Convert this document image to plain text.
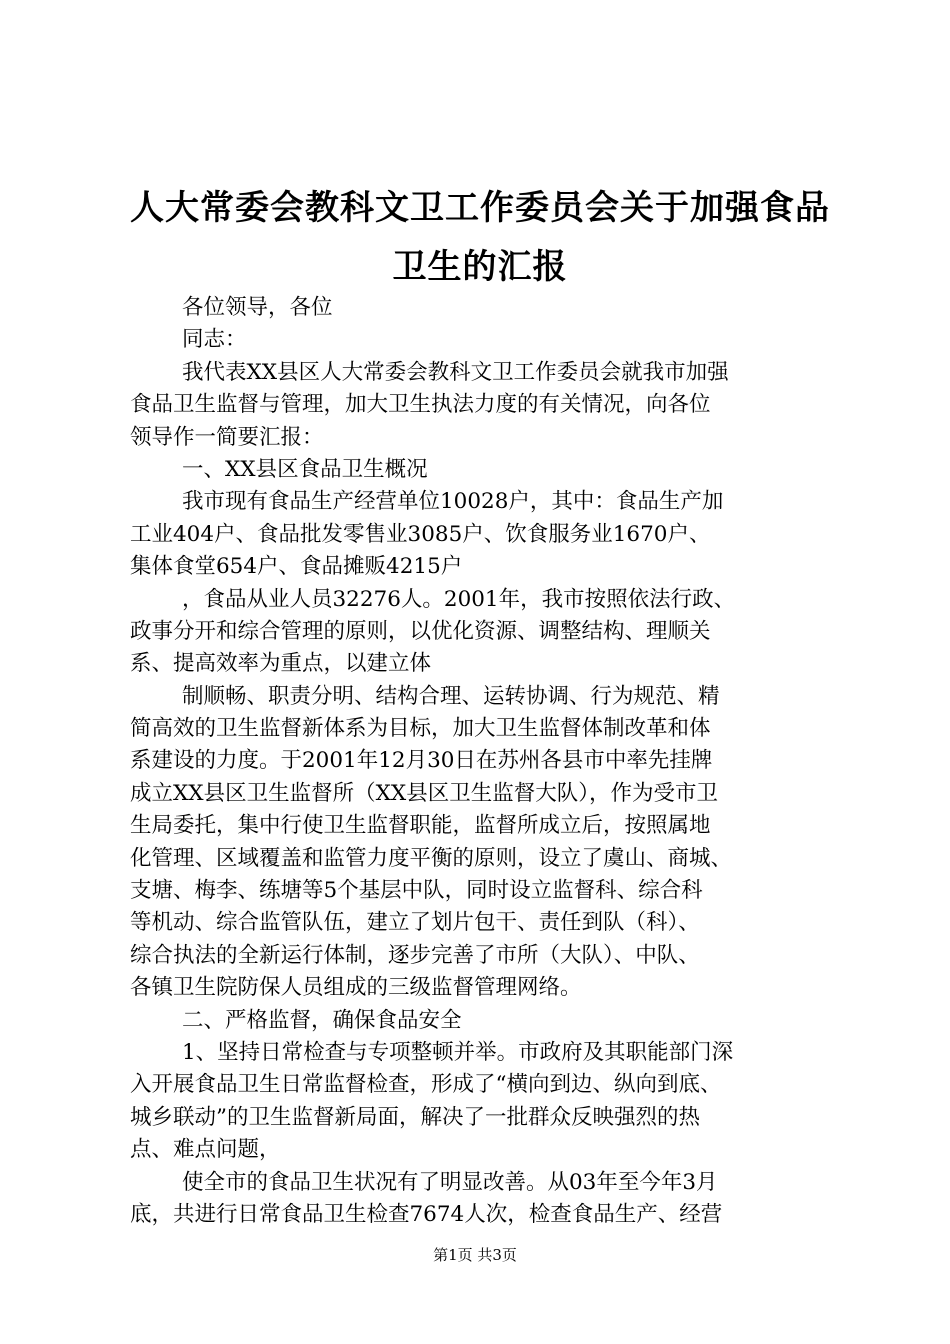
人大常委会教科文卫工作委员会关于加强食品
卫生的汇报
各位领导，各位
同志：
我代表XX县区人大常委会教科文卫工作委员会就我市加强
食品卫生监督与管理，加大卫生执法力度的有关情况，向各位
领导作一简要汇报：
一、XX县区食品卫生概况
我市现有食品生产经营单位10028户，其中：食品生产加
工业404户、食品批发零售业3085户、饮食服务业1670户、
集体食堂654户、食品摊贩4215户
，食品从业人员32276人。2001年，我市按照依法行政、
政事分开和综合管理的原则，以优化资源、调整结构、理顺关
系、提高效率为重点，以建立体
制顺畅、职责分明、结构合理、运转协调、行为规范、精
简高效的卫生监督新体系为目标，加大卫生监督体制改革和体
系建设的力度。于2001年12月30日在苏州各县市中率先挂牌
成立XX县区卫生监督所（XX县区卫生监督大队），作为受市卫
生局委托，集中行使卫生监督职能，监督所成立后，按照属地
化管理、区域覆盖和监管力度平衡的原则，设立了虞山、商城、
支塘、梅李、练塘等5个基层中队，同时设立监督科、综合科
等机动、综合监管队伍，建立了划片包干、责任到队（科）、
综合执法的全新运行体制，逐步完善了市所（大队）、中队、
各镇卫生院防保人员组成的三级监督管理网络。
二、严格监督，确保食品安全
1、坚持日常检查与专项整顿并举。市政府及其职能部门深
入开展食品卫生日常监督检查，形成了“横向到边、纵向到底、
城乡联动”的卫生监督新局面，解决了一批群众反映强烈的热
点、难点问题，
使全市的食品卫生状况有了明显改善。从03年至今年3月
底，共进行日常食品卫生检查7674人次，检查食品生产、经营
第1页 共3页
